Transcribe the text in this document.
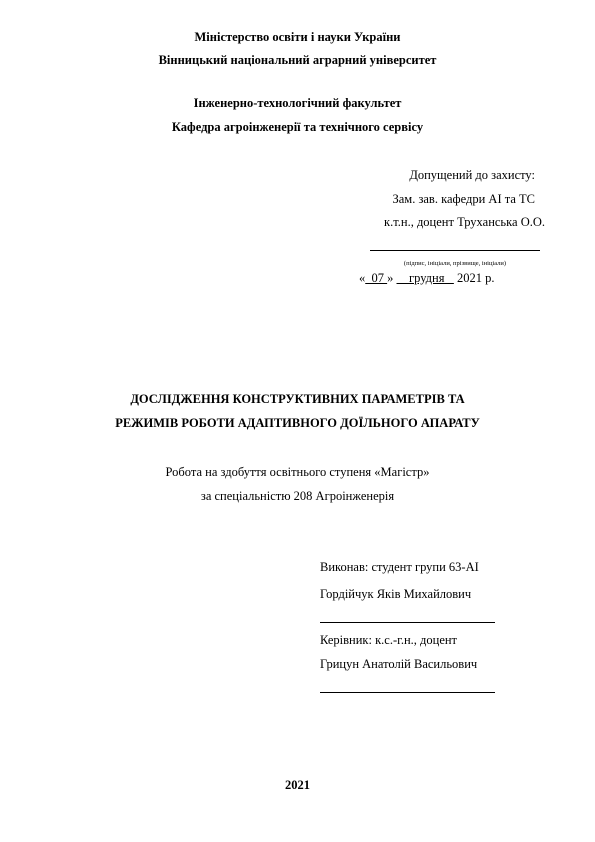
Міністерство освіти і науки України
Вінницький національний аграрний університет
Інженерно-технологічний факультет
Кафедра агроінженерії та технічного сервісу
Допущений до захисту:
Зам. зав. кафедри АІ та ТС
к.т.н., доцент Труханська О.О.
(підпис, ініціали, прізвище, ініціали)
« 07 » грудня 2021 р.
ДОСЛІДЖЕННЯ КОНСТРУКТИВНИХ ПАРАМЕТРІВ ТА
РЕЖИМІВ РОБОТИ АДАПТИВНОГО ДОЇЛЬНОГО АПАРАТУ
Робота на здобуття освітнього ступеня «Магістр»
за спеціальністю 208 Агроінженерія
Виконав: студент групи 63-АІ
Гордійчук Яків Михайлович
Керівник: к.с.-г.н., доцент
Грицун Анатолій Васильович
2021
